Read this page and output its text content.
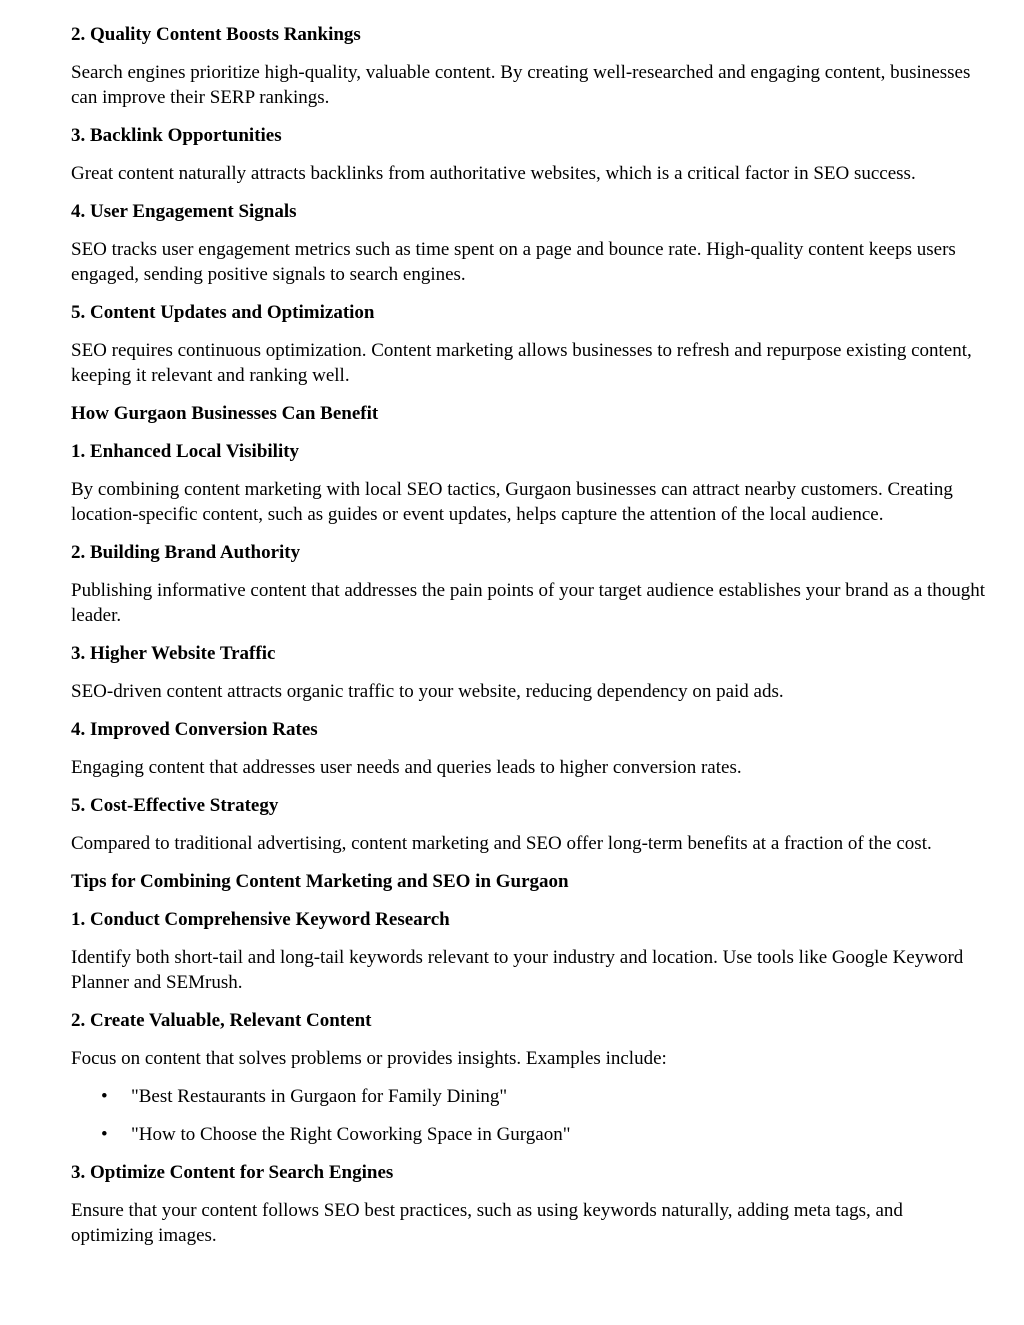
2. Quality Content Boosts Rankings

Search engines prioritize high-quality, valuable content. By creating well-researched and engaging content, businesses can improve their SERP rankings.

3. Backlink Opportunities

Great content naturally attracts backlinks from authoritative websites, which is a critical factor in SEO success.

4. User Engagement Signals

SEO tracks user engagement metrics such as time spent on a page and bounce rate. High-quality content keeps users engaged, sending positive signals to search engines.

5. Content Updates and Optimization

SEO requires continuous optimization. Content marketing allows businesses to refresh and repurpose existing content, keeping it relevant and ranking well.

How Gurgaon Businesses Can Benefit
1. Enhanced Local Visibility

By combining content marketing with local SEO tactics, Gurgaon businesses can attract nearby customers. Creating location-specific content, such as guides or event updates, helps capture the attention of the local audience.

2. Building Brand Authority

Publishing informative content that addresses the pain points of your target audience establishes your brand as a thought leader.

3. Higher Website Traffic

SEO-driven content attracts organic traffic to your website, reducing dependency on paid ads.

4. Improved Conversion Rates

Engaging content that addresses user needs and queries leads to higher conversion rates.

5. Cost-Effective Strategy

Compared to traditional advertising, content marketing and SEO offer long-term benefits at a fraction of the cost.

Tips for Combining Content Marketing and SEO in Gurgaon
1. Conduct Comprehensive Keyword Research

Identify both short-tail and long-tail keywords relevant to your industry and location. Use tools like Google Keyword Planner and SEMrush.

2. Create Valuable, Relevant Content

Focus on content that solves problems or provides insights. Examples include:

• "Best Restaurants in Gurgaon for Family Dining"
• "How to Choose the Right Coworking Space in Gurgaon"
3. Optimize Content for Search Engines

Ensure that your content follows SEO best practices, such as using keywords naturally, adding meta tags, and optimizing images.
